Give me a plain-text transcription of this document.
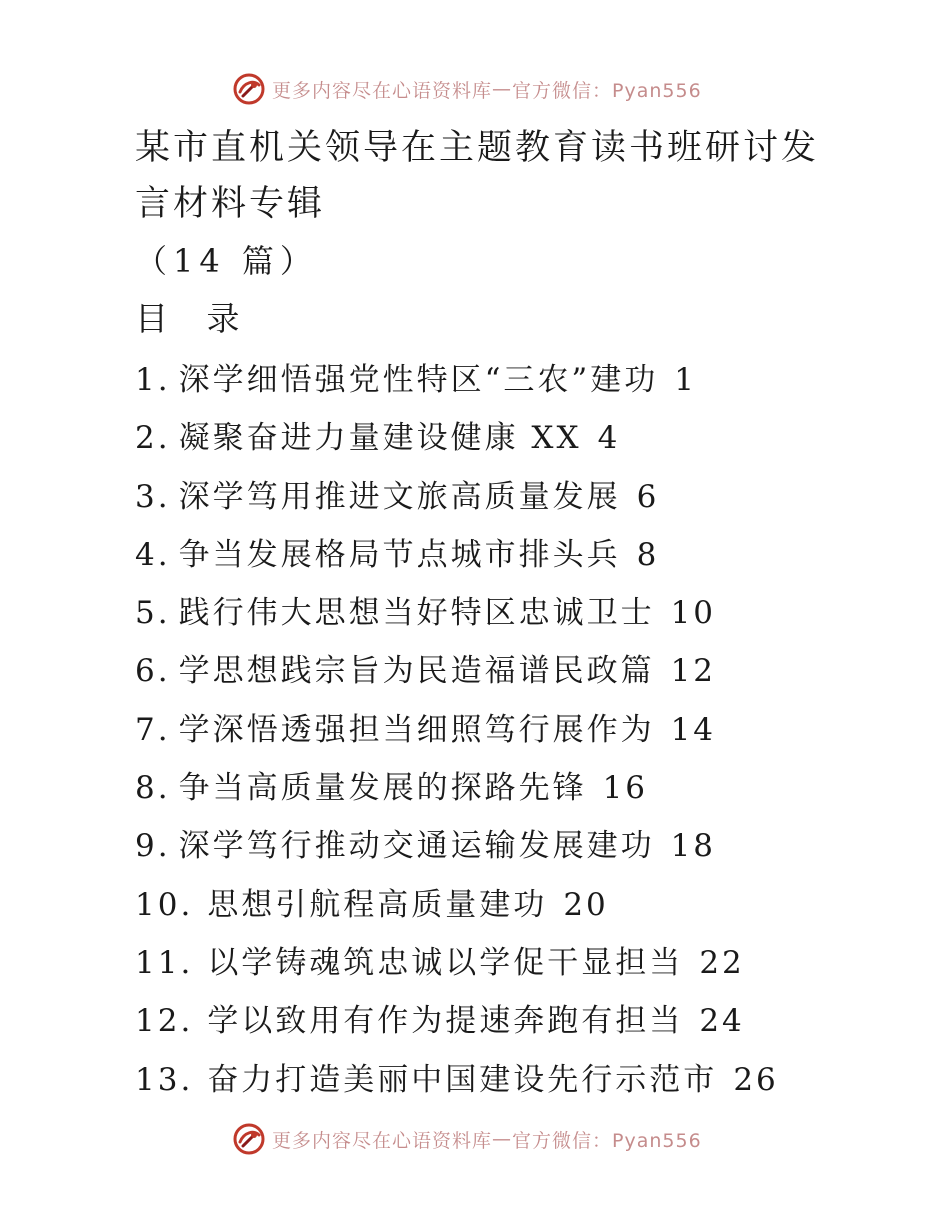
更多内容尽在心语资料库 — 官方微信：Pyan556
某市直机关领导在主题教育读书班研讨发
言材料专辑
（14 篇）
目 录
1. 深学细悟强党性特区“三农”建功 1
2. 凝聚奋进力量建设健康 XX 4
3. 深学笃用推进文旅高质量发展 6
4. 争当发展格局节点城市排头兵 8
5. 践行伟大思想当好特区忠诚卫士 10
6. 学思想践宗旨为民造福谱民政篇 12
7. 学深悟透强担当细照笃行展作为 14
8. 争当高质量发展的探路先锋 16
9. 深学笃行推动交通运输发展建功 18
10. 思想引航程高质量建功 20
11. 以学铸魂筑忠诚以学促干显担当 22
12. 学以致用有作为提速奔跑有担当 24
13. 奋力打造美丽中国建设先行示范市 26
更多内容尽在心语资料库 — 官方微信：Pyan556
